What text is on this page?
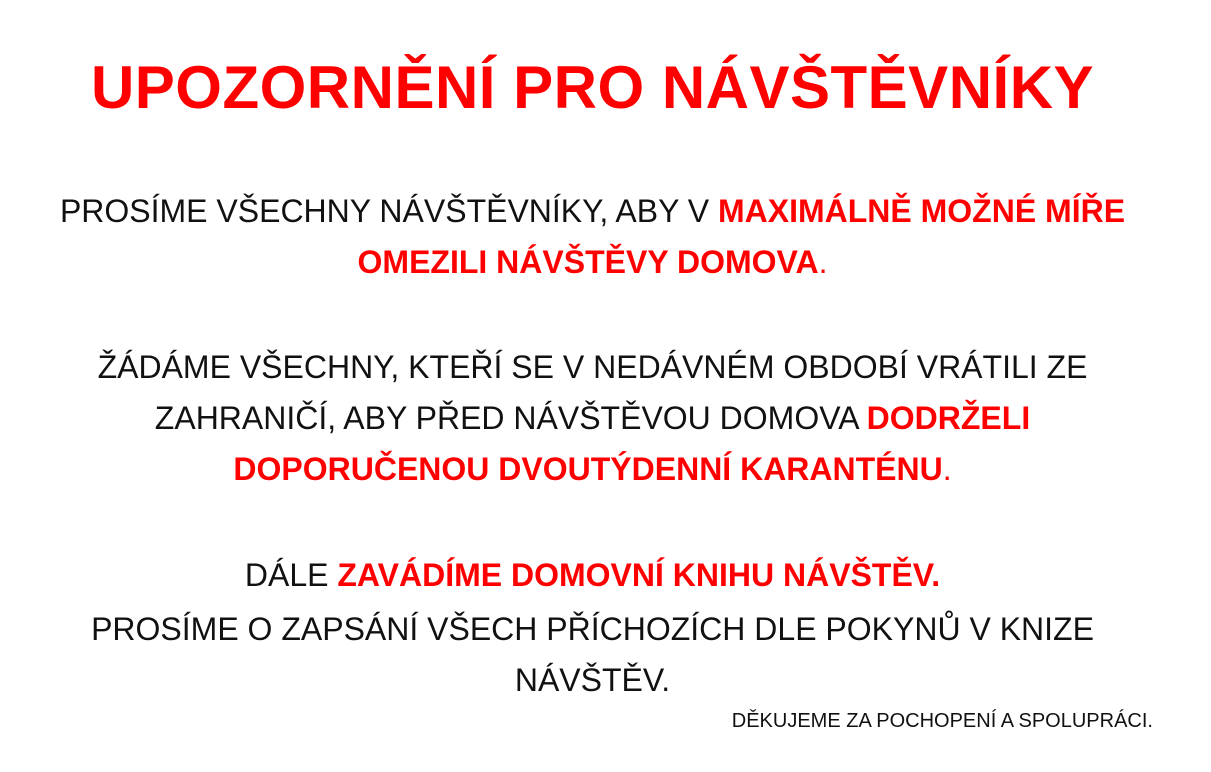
UPOZORNĚNÍ PRO NÁVŠTĚVNÍKY
PROSÍME VŠECHNY NÁVŠTĚVNÍKY, ABY V MAXIMÁLNĚ MOŽNÉ MÍŘE OMEZILI NÁVŠTĚVY DOMOVA.
ŽÁDÁME VŠECHNY, KTEŘÍ SE V NEDÁVNÉM OBDOBÍ VRÁTILI ZE ZAHRANIČÍ, ABY PŘED NÁVŠTĚVOU DOMOVA DODRŽELI DOPORUČENOU DVOUTÝDENNÍ KARANTÉNU.
DÁLE ZAVÁDÍME DOMOVNÍ KNIHU NÁVŠTĚV.
PROSÍME O ZAPSÁNÍ VŠECH PŘÍCHOZÍCH DLE POKYNŮ V KNIZE NÁVŠTĚV.
DĚKUJEME ZA POCHOPENÍ A SPOLUPRÁCI.
